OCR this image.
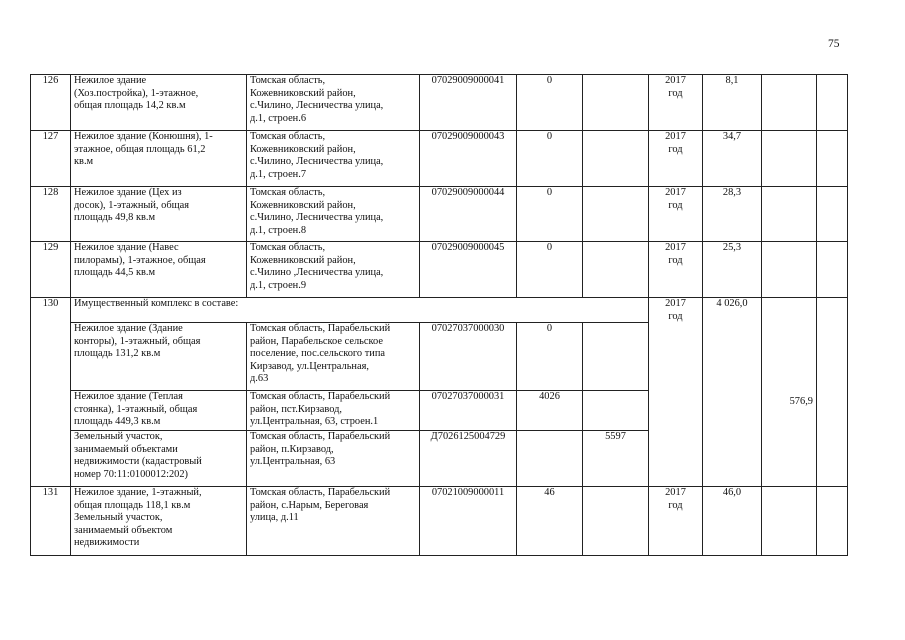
75
126	Нежилое здание
(Хоз.постройка), 1-этажное,
общая площадь 14,2 кв.м	Томская область,
Кожевниковский район,
с.Чилино, Лесничества улица,
д.1, строен.6	07029009000041	0		2017
год	8,1		
127	Нежилое здание (Конюшня), 1-
этажное, общая площадь 61,2
кв.м	Томская область,
Кожевниковский район,
с.Чилино, Лесничества улица,
д.1, строен.7	07029009000043	0		2017
год	34,7		
128	Нежилое здание (Цех из
досок), 1-этажный, общая
площадь 49,8 кв.м	Томская область,
Кожевниковский район,
с.Чилино, Лесничества улица,
д.1, строен.8	07029009000044	0		2017
год	28,3		
129	Нежилое здание (Навес
пилорамы), 1-этажное, общая
площадь 44,5 кв.м	Томская область,
Кожевниковский район,
с.Чилино ,Лесничества улица,
д.1, строен.9	07029009000045	0		2017
год	25,3		
130	Имущественный комплекс в составе:					2017
год	4 026,0	576,9	

	Нежилое здание (Здание
конторы), 1-этажный, общая
площадь 131,2 кв.м	Томская область, Парабельский
район, Парабельское сельское
поселение, пос.сельского типа
Кирзавод, ул.Центральная,
д.63	07027037000030	0					

	Нежилое здание (Теплая
стоянка), 1-этажный, общая
площадь 449,3 кв.м	Томская область, Парабельский
район, пст.Кирзавод,
ул.Центральная, 63, строен.1	07027037000031	4026					

	Земельный участок,
занимаемый объектами
недвижимости (кадастровый
номер 70:11:0100012:202)	Томская область, Парабельский
район, п.Кирзавод,
ул.Центральная, 63	Д7026125004729		5597				
131	Нежилое здание, 1-этажный,
общая площадь 118,1 кв.м
Земельный участок,
занимаемый объектом
недвижимости	Томская область, Парабельский
район, с.Нарым, Береговая
улица, д.11	07021009000011	46		2017
год	46,0		
